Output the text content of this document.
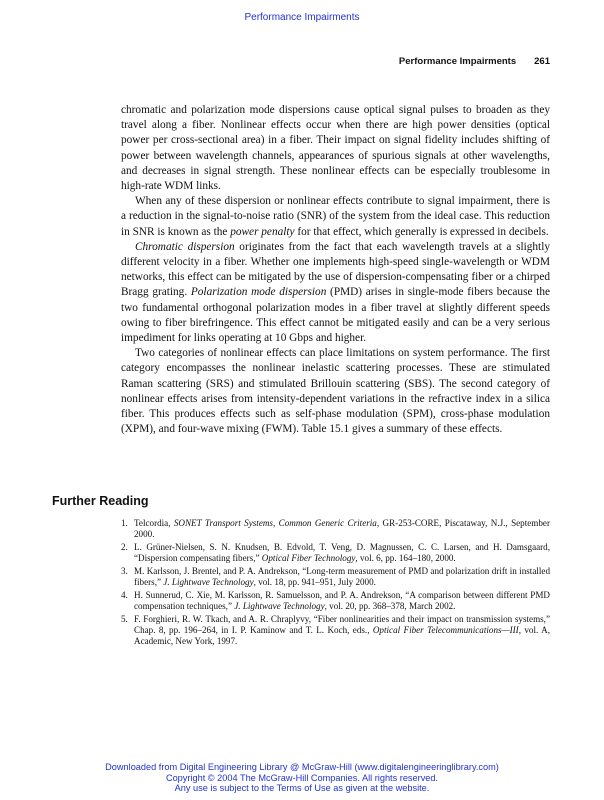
Performance Impairments
Performance Impairments 261

chromatic and polarization mode dispersions cause optical signal pulses to broaden as they travel along a fiber. Nonlinear effects occur when there are high power densities (optical power per cross-sectional area) in a fiber. Their impact on signal fidelity includes shifting of power between wavelength channels, appearances of spurious signals at other wavelengths, and decreases in signal strength. These nonlinear effects can be especially troublesome in high-rate WDM links.

When any of these dispersion or nonlinear effects contribute to signal impairment, there is a reduction in the signal-to-noise ratio (SNR) of the system from the ideal case. This reduction in SNR is known as the power penalty for that effect, which generally is expressed in decibels.

Chromatic dispersion originates from the fact that each wavelength travels at a slightly different velocity in a fiber. Whether one implements high-speed single-wavelength or WDM networks, this effect can be mitigated by the use of dispersion-compensating fiber or a chirped Bragg grating. Polarization mode dispersion (PMD) arises in single-mode fibers because the two fundamental orthogonal polarization modes in a fiber travel at slightly different speeds owing to fiber birefringence. This effect cannot be mitigated easily and can be a very serious impediment for links operating at 10 Gbps and higher.

Two categories of nonlinear effects can place limitations on system performance. The first category encompasses the nonlinear inelastic scattering processes. These are stimulated Raman scattering (SRS) and stimulated Brillouin scattering (SBS). The second category of nonlinear effects arises from intensity-dependent variations in the refractive index in a silica fiber. This produces effects such as self-phase modulation (SPM), cross-phase modulation (XPM), and four-wave mixing (FWM). Table 15.1 gives a summary of these effects.

Further Reading
1. Telcordia, SONET Transport Systems, Common Generic Criteria, GR-253-CORE, Piscataway, N.J., September 2000.
2. L. Grüner-Nielsen, S. N. Knudsen, B. Edvold, T. Veng, D. Magnussen, C. C. Larsen, and H. Damsgaard, “Dispersion compensating fibers,” Optical Fiber Technology, vol. 6, pp. 164–180, 2000.
3. M. Karlsson, J. Brentel, and P. A. Andrekson, “Long-term measurement of PMD and polarization drift in installed fibers,” J. Lightwave Technology, vol. 18, pp. 941–951, July 2000.
4. H. Sunnerud, C. Xie, M. Karlsson, R. Samuelsson, and P. A. Andrekson, “A comparison between different PMD compensation techniques,” J. Lightwave Technology, vol. 20, pp. 368–378, March 2002.
5. F. Forghieri, R. W. Tkach, and A. R. Chraplyvy, “Fiber nonlinearities and their impact on transmission systems,” Chap. 8, pp. 196–264, in I. P. Kaminow and T. L. Koch, eds., Optical Fiber Telecommunications—III, vol. A, Academic, New York, 1997.
Downloaded from Digital Engineering Library @ McGraw-Hill (www.digitalengineeringlibrary.com)
Copyright © 2004 The McGraw-Hill Companies. All rights reserved.
Any use is subject to the Terms of Use as given at the website.
